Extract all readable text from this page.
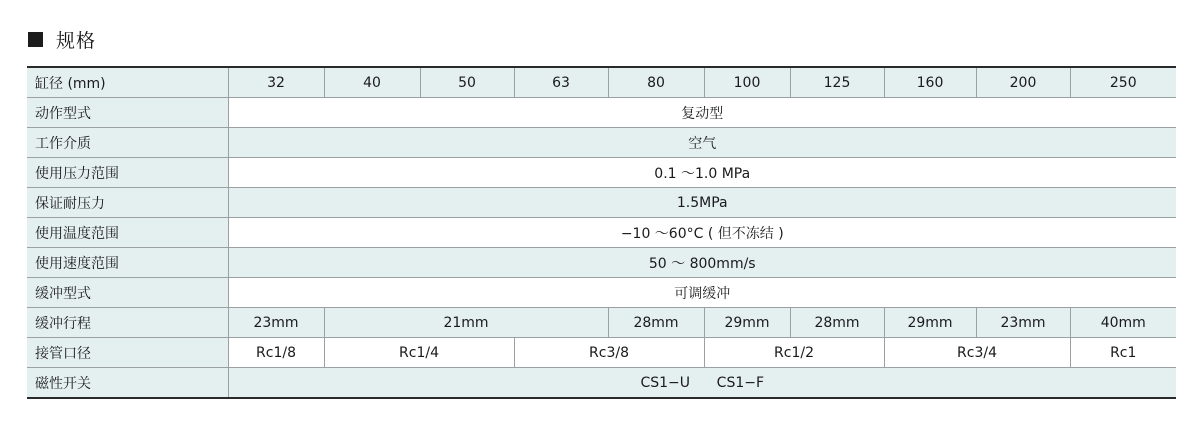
规格
缸径 (mm)	32	40	50	63	80	100	125	160	200	250
动作型式	复动型									
工作介质	空气									
使用压力范围	0.1 ～1.0 MPa									
保证耐压力	1.5MPa									
使用温度范围	−10 ～60°C ( 但不冻结 )									
使用速度范围	50 ～ 800mm/s									
缓冲型式	可调缓冲									
缓冲行程	23mm	21mm			28mm	29mm	28mm	29mm	23mm	40mm
接管口径	Rc1/8	Rc1/4		Rc3/8		Rc1/2		Rc3/4		Rc1
磁性开关	CS1−U      CS1−F									
